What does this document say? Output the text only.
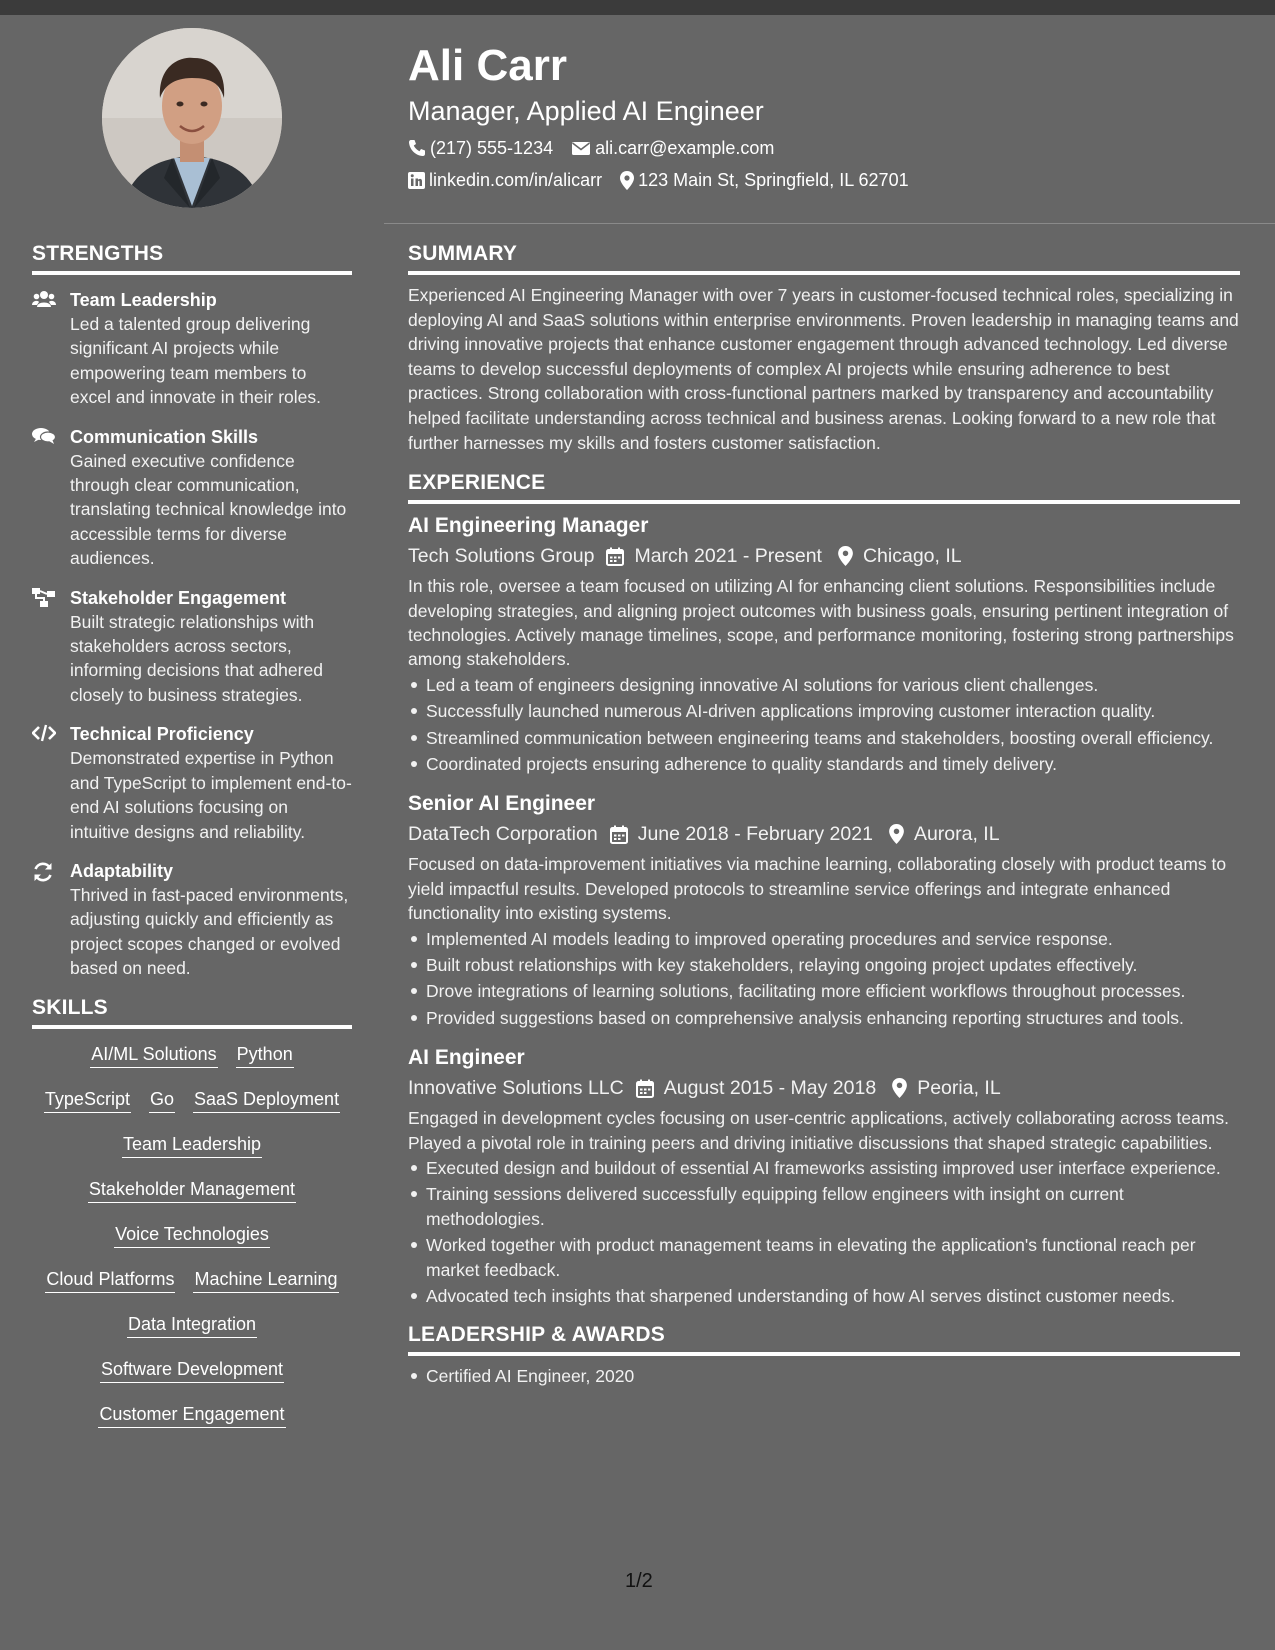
STRENGTHS
Team Leadership
Led a talented group delivering significant AI projects while empowering team members to excel and innovate in their roles.
Communication Skills
Gained executive confidence through clear communication, translating technical knowledge into accessible terms for diverse audiences.
Stakeholder Engagement
Built strategic relationships with stakeholders across sectors, informing decisions that adhered closely to business strategies.
Technical Proficiency
Demonstrated expertise in Python and TypeScript to implement end-to-end AI solutions focusing on intuitive designs and reliability.
Adaptability
Thrived in fast-paced environments, adjusting quickly and efficiently as project scopes changed or evolved based on need.
SKILLS
AI/ML Solutions Python
TypeScript Go SaaS Deployment
Team Leadership
Stakeholder Management
Voice Technologies
Cloud Platforms Machine Learning
Data Integration
Software Development
Customer Engagement
Ali Carr
Manager, Applied AI Engineer
(217) 555-1234 ali.carr@example.com
linkedin.com/in/alicarr 123 Main St, Springfield, IL 62701
SUMMARY
Experienced AI Engineering Manager with over 7 years in customer-focused technical roles, specializing in deploying AI and SaaS solutions within enterprise environments. Proven leadership in managing teams and driving innovative projects that enhance customer engagement through advanced technology. Led diverse teams to develop successful deployments of complex AI projects while ensuring adherence to best practices. Strong collaboration with cross-functional partners marked by transparency and accountability helped facilitate understanding across technical and business arenas. Looking forward to a new role that further harnesses my skills and fosters customer satisfaction.
EXPERIENCE
AI Engineering Manager
Tech Solutions Group March 2021 - Present Chicago, IL
In this role, oversee a team focused on utilizing AI for enhancing client solutions. Responsibilities include developing strategies, and aligning project outcomes with business goals, ensuring pertinent integration of technologies. Actively manage timelines, scope, and performance monitoring, fostering strong partnerships among stakeholders.
Led a team of engineers designing innovative AI solutions for various client challenges.
Successfully launched numerous AI-driven applications improving customer interaction quality.
Streamlined communication between engineering teams and stakeholders, boosting overall efficiency.
Coordinated projects ensuring adherence to quality standards and timely delivery.
Senior AI Engineer
DataTech Corporation June 2018 - February 2021 Aurora, IL
Focused on data-improvement initiatives via machine learning, collaborating closely with product teams to yield impactful results. Developed protocols to streamline service offerings and integrate enhanced functionality into existing systems.
Implemented AI models leading to improved operating procedures and service response.
Built robust relationships with key stakeholders, relaying ongoing project updates effectively.
Drove integrations of learning solutions, facilitating more efficient workflows throughout processes.
Provided suggestions based on comprehensive analysis enhancing reporting structures and tools.
AI Engineer
Innovative Solutions LLC August 2015 - May 2018 Peoria, IL
Engaged in development cycles focusing on user-centric applications, actively collaborating across teams. Played a pivotal role in training peers and driving initiative discussions that shaped strategic capabilities.
Executed design and buildout of essential AI frameworks assisting improved user interface experience.
Training sessions delivered successfully equipping fellow engineers with insight on current methodologies.
Worked together with product management teams in elevating the application's functional reach per market feedback.
Advocated tech insights that sharpened understanding of how AI serves distinct customer needs.
LEADERSHIP & AWARDS
Certified AI Engineer, 2020
1/2
